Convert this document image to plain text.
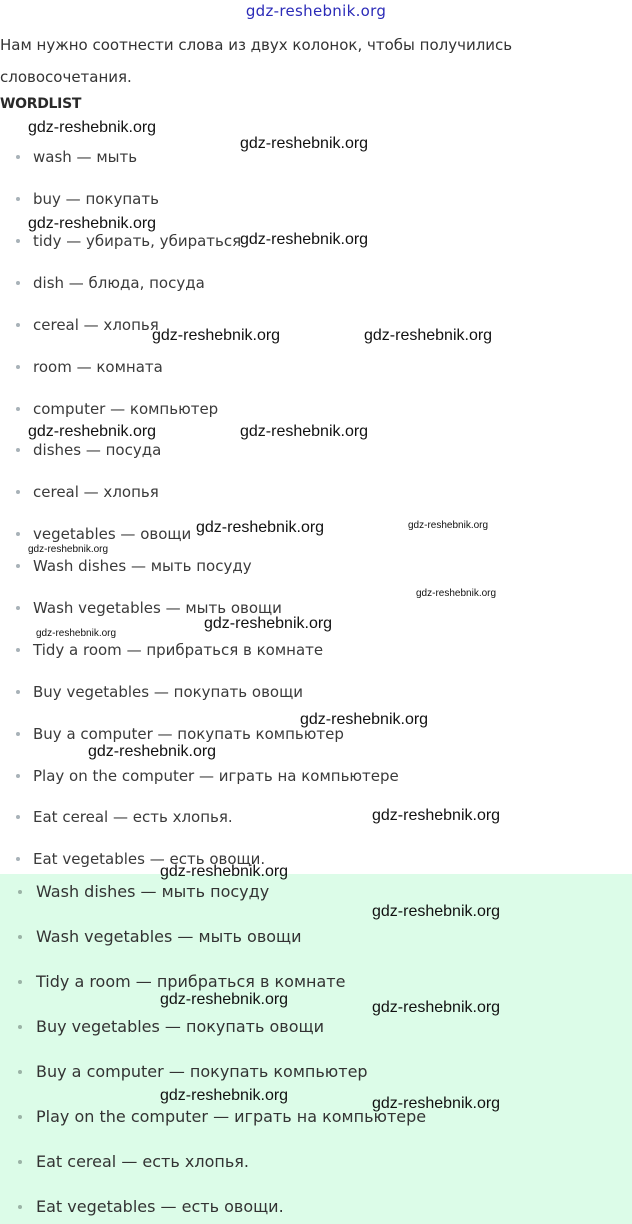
gdz-reshebnik.org

Нам нужно соотнести слова из двух колонок, чтобы получились словосочетания.

WORDLIST
wash — мыть
buy — покупать
tidy — убирать, убираться
dish — блюда, посуда
cereal — хлопья
room — комната
computer — компьютер
dishes — посуда
cereal — хлопья
vegetables — овощи
Wash dishes — мыть посуду
Wash vegetables — мыть овощи
Tidy a room — прибраться в комнате
Buy vegetables — покупать овощи
Buy a computer — покупать компьютер
Play on the computer — играть на компьютере
Eat cereal — есть хлопья.
Eat vegetables — есть овощи.
Wash dishes — мыть посуду
Wash vegetables — мыть овощи
Tidy a room — прибраться в комнате
Buy vegetables — покупать овощи
Buy a computer — покупать компьютер
Play on the computer — играть на компьютере
Eat cereal — есть хлопья.
Eat vegetables — есть овощи.
gdz-reshebnik.org
gdz-reshebnik.org
gdz-reshebnik.org
gdz-reshebnik.org
gdz-reshebnik.org	gdz-reshebnik.org
gdz-reshebnik.org	gdz-reshebnik.org
gdz-reshebnik.org	gdz-reshebnik.org
gdz-reshebnik.org
gdz-reshebnik.org
gdz-reshebnik.org
gdz-reshebnik.org
gdz-reshebnik.org
gdz-reshebnik.org
gdz-reshebnik.org
gdz-reshebnik.org
gdz-reshebnik.org
gdz-reshebnik.org	gdz-reshebnik.org
gdz-reshebnik.org	gdz-reshebnik.org
